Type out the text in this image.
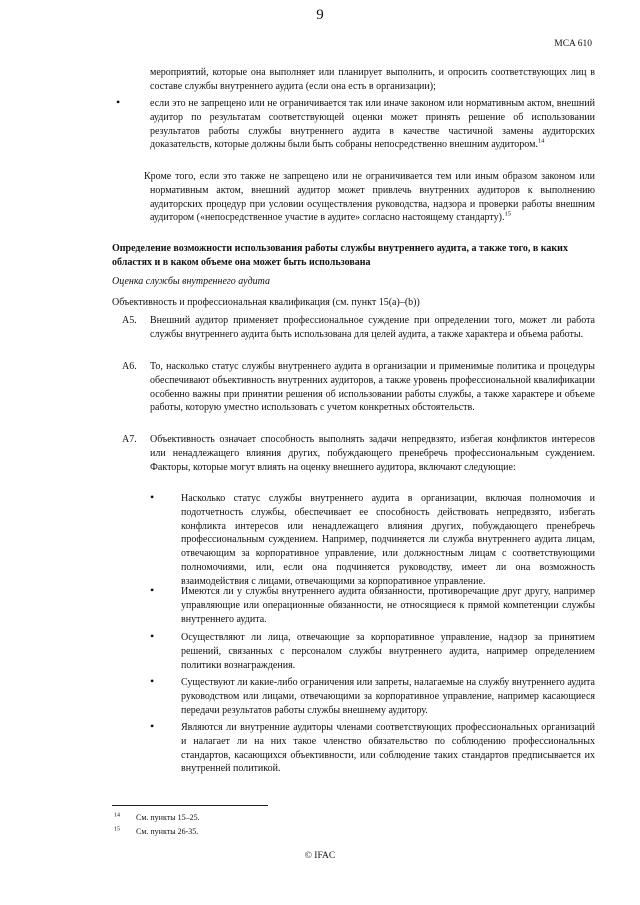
9
MCA 610
мероприятий, которые она выполняет или планирует выполнить, и опросить соответствующих лиц в составе службы внутреннего аудита (если она есть в организации);
•	если это не запрещено или не ограничивается так или иначе законом или нормативным актом, внешний аудитор по результатам соответствующей оценки может принять решение об использовании результатов работы службы внутреннего аудита в качестве частичной замены аудиторских доказательств, которые должны были быть собраны непосредственно внешним аудитором.$^{14}$
Кроме того, если это также не запрещено или не ограничивается тем или иным образом законом или нормативным актом, внешний аудитор может привлечь внутренних аудиторов к выполнению аудиторских процедур при условии осуществления руководства, надзора и проверки работы внешним аудитором («непосредственное участие в аудите» согласно настоящему стандарту).$^{15}$
Определение возможности использования работы службы внутреннего аудита, а также того, в каких областях и в каком объеме она может быть использована
Оценка службы внутреннего аудита
Объективность и профессиональная квалификация (см. пункт 15(a)–(b))
A5. Внешний аудитор применяет профессиональное суждение при определении того, может ли работа службы внутреннего аудита быть использована для целей аудита, а также характера и объема работы.
A6. То, насколько статус службы внутреннего аудита в организации и применимые политика и процедуры обеспечивают объективность внутренних аудиторов, а также уровень профессиональной квалификации особенно важны при принятии решения об использовании работы службы, а также характере и объеме работы, которую уместно использовать с учетом конкретных обстоятельств.
A7. Объективность означает способность выполнять задачи непредвзято, избегая конфликтов интересов или ненадлежащего влияния других, побуждающего пренебречь профессиональным суждением. Факторы, которые могут влиять на оценку внешнего аудитора, включают следующие:
•	Насколько статус службы внутреннего аудита в организации, включая полномочия и подотчетность службы, обеспечивает ее способность действовать непредвзято, избегать конфликта интересов или ненадлежащего влияния других, побуждающего пренебречь профессиональным суждением. Например, подчиняется ли служба внутреннего аудита лицам, отвечающим за корпоративное управление, или должностным лицам с соответствующими полномочиями, или, если она подчиняется руководству, имеет ли она возможность взаимодействия с лицами, отвечающими за корпоративное управление.
•	Имеются ли у службы внутреннего аудита обязанности, противоречащие друг другу, например управляющие или операционные обязанности, не относящиеся к прямой компетенции службы внутреннего аудита.
•	Осуществляют ли лица, отвечающие за корпоративное управление, надзор за принятием решений, связанных с персоналом службы внутреннего аудита, например определением политики вознаграждения.
•	Существуют ли какие-либо ограничения или запреты, налагаемые на службу внутреннего аудита руководством или лицами, отвечающими за корпоративное управление, например касающиеся передачи результатов работы службы внешнему аудитору.
•	Являются ли внутренние аудиторы членами соответствующих профессиональных организаций и налагает ли на них такое членство обязательство по соблюдению профессиональных стандартов, касающихся объективности, или соблюдение таких стандартов предписывается их внутренней политикой.
$^{14}$ См. пункты 15–25.
$^{15}$ См. пункты 26-35.
© IFAC
